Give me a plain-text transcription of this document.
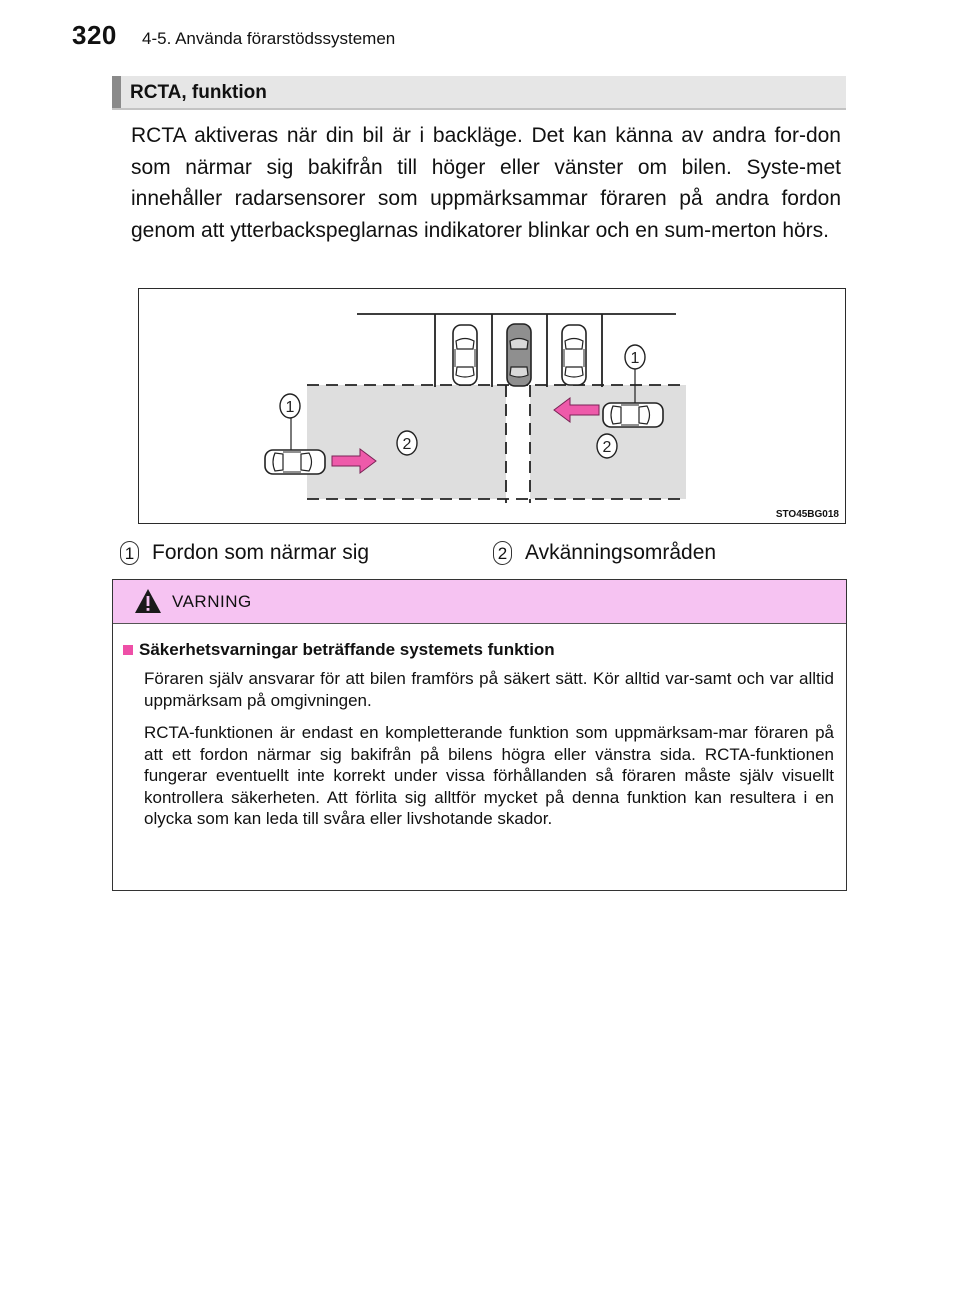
320 4-5. Använda förarstödssystemen
RCTA, funktion

RCTA aktiveras när din bil är i backläge. Det kan känna av andra for-don som närmar sig bakifrån till höger eller vänster om bilen. Syste-met innehåller radarsensorer som uppmärksammar föraren på andra fordon genom att ytterbackspeglarnas indikatorer blinkar och en sum-merton hörs.

1
2
1
2
STO45BG018
1 Fordon som närmar sig	2 Avkänningsområden
VARNING
Säkerhetsvarningar beträffande systemets funktion

Föraren själv ansvarar för att bilen framförs på säkert sätt. Kör alltid var-samt och var alltid uppmärksam på omgivningen.

RCTA-funktionen är endast en kompletterande funktion som uppmärksam-mar föraren på att ett fordon närmar sig bakifrån på bilens högra eller vänstra sida. RCTA-funktionen fungerar eventuellt inte korrekt under vissa förhållanden så föraren måste själv visuellt kontrollera säkerheten. Att förlita sig alltför mycket på denna funktion kan resultera i en olycka som kan leda till svåra eller livshotande skador.
